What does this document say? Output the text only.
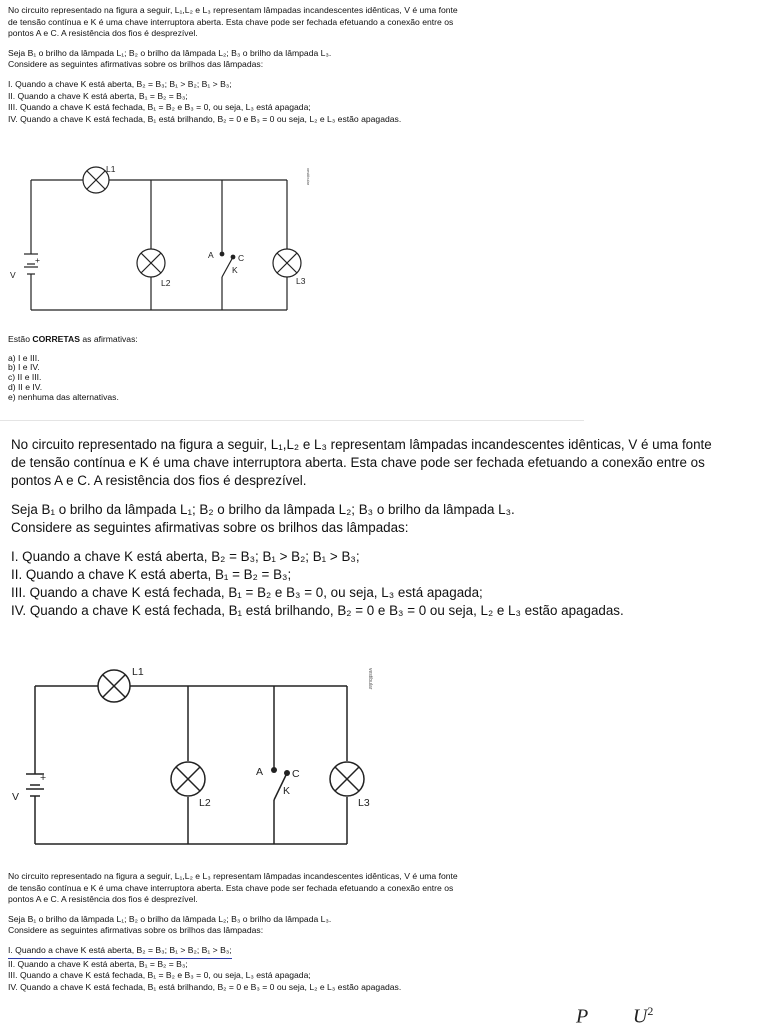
No circuito representado na figura a seguir, L₁,L₂ e L₃ representam lâmpadas incandescentes idênticas, V é uma fonte

de tensão contínua e K é uma chave interruptora aberta. Esta chave pode ser fechada efetuando a conexão entre os

pontos A e C. A resistência dos fios é desprezível.

Seja B₁ o brilho da lâmpada L₁; B₂ o brilho da lâmpada L₂; B₃ o brilho da lâmpada L₃.

Considere as seguintes afirmativas sobre os brilhos das lâmpadas:

I. Quando a chave K está aberta, B₂ = B₃; B₁ > B₂; B₁ > B₃;

II. Quando a chave K está aberta, B₁ = B₂ = B₃;

III. Quando a chave K está fechada, B₁ = B₂ e B₃ = 0, ou seja, L₃ está apagada;

IV. Quando a chave K está fechada, B₁ está brilhando, B₂ = 0 e B₃ = 0 ou seja, L₂ e L₃ estão apagadas.

L1
L2	L3
V
+	A	C
K
vestibular

Estão CORRETAS as afirmativas:

a) I e III.

b) I e IV.

c) II e III.

d) II e IV.

e) nenhuma das alternativas.

No circuito representado na figura a seguir, L₁,L₂ e L₃ representam lâmpadas incandescentes idênticas, V é uma fonte

de tensão contínua e K é uma chave interruptora aberta. Esta chave pode ser fechada efetuando a conexão entre os

pontos A e C. A resistência dos fios é desprezível.

Seja B₁ o brilho da lâmpada L₁; B₂ o brilho da lâmpada L₂; B₃ o brilho da lâmpada L₃.

Considere as seguintes afirmativas sobre os brilhos das lâmpadas:

I. Quando a chave K está aberta, B₂ = B₃; B₁ > B₂; B₁ > B₃;

II. Quando a chave K está aberta, B₁ = B₂ = B₃;

III. Quando a chave K está fechada, B₁ = B₂ e B₃ = 0, ou seja, L₃ está apagada;

IV. Quando a chave K está fechada, B₁ está brilhando, B₂ = 0 e B₃ = 0 ou seja, L₂ e L₃ estão apagadas.

L1
L2	L3
V
+	A	C
K
vestibular

No circuito representado na figura a seguir, L₁,L₂ e L₃ representam lâmpadas incandescentes idênticas, V é uma fonte

de tensão contínua e K é uma chave interruptora aberta. Esta chave pode ser fechada efetuando a conexão entre os

pontos A e C. A resistência dos fios é desprezível.

Seja B₁ o brilho da lâmpada L₁; B₂ o brilho da lâmpada L₂; B₃ o brilho da lâmpada L₃.

Considere as seguintes afirmativas sobre os brilhos das lâmpadas:

I. Quando a chave K está aberta, B₂ = B₃; B₁ > B₂; B₁ > B₃;

II. Quando a chave K está aberta, B₁ = B₂ = B₃;

III. Quando a chave K está fechada, B₁ = B₂ e B₃ = 0, ou seja, L₃ está apagada;

IV. Quando a chave K está fechada, B₁ está brilhando, B₂ = 0 e B₃ = 0 ou seja, L₂ e L₃ estão apagadas.

P $U^2$
